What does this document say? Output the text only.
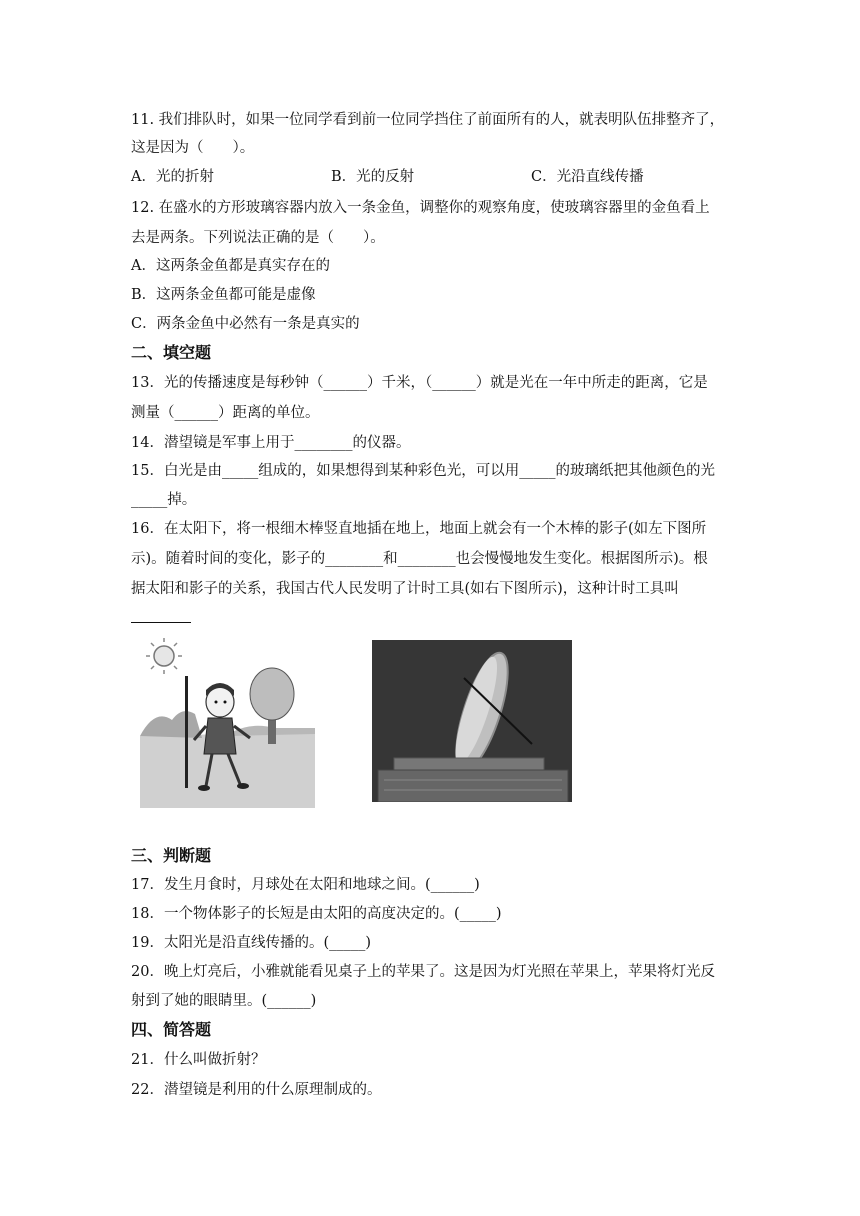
11. 我们排队时，如果一位同学看到前一位同学挡住了前面所有的人，就表明队伍排整齐了，
这是因为（　　）。
A．光的折射	B．光的反射	C．光沿直线传播
12. 在盛水的方形玻璃容器内放入一条金鱼，调整你的观察角度，使玻璃容器里的金鱼看上
去是两条。下列说法正确的是（　　）。
A．这两条金鱼都是真实存在的
B．这两条金鱼都可能是虚像
C．两条金鱼中必然有一条是真实的
二、填空题
13．光的传播速度是每秒钟（______）千米，（______）就是光在一年中所走的距离，它是
测量（______）距离的单位。
14．潜望镜是军事上用于________的仪器。
15．白光是由_____组成的，如果想得到某种彩色光，可以用_____的玻璃纸把其他颜色的光
_____掉。
16．在太阳下，将一根细木棒竖直地插在地上，地面上就会有一个木棒的影子(如左下图所
示)。随着时间的变化，影子的________和________也会慢慢地发生变化。根据图所示)。根
据太阳和影子的关系，我国古代人民发明了计时工具(如右下图所示)，这种计时工具叫
三、判断题
17．发生月食时，月球处在太阳和地球之间。(______)
18．一个物体影子的长短是由太阳的高度决定的。(_____)
19．太阳光是沿直线传播的。(_____)
20．晚上灯亮后，小雅就能看见桌子上的苹果了。这是因为灯光照在苹果上，苹果将灯光反
射到了她的眼睛里。(______)
四、简答题
21．什么叫做折射？
22．潜望镜是利用的什么原理制成的。
